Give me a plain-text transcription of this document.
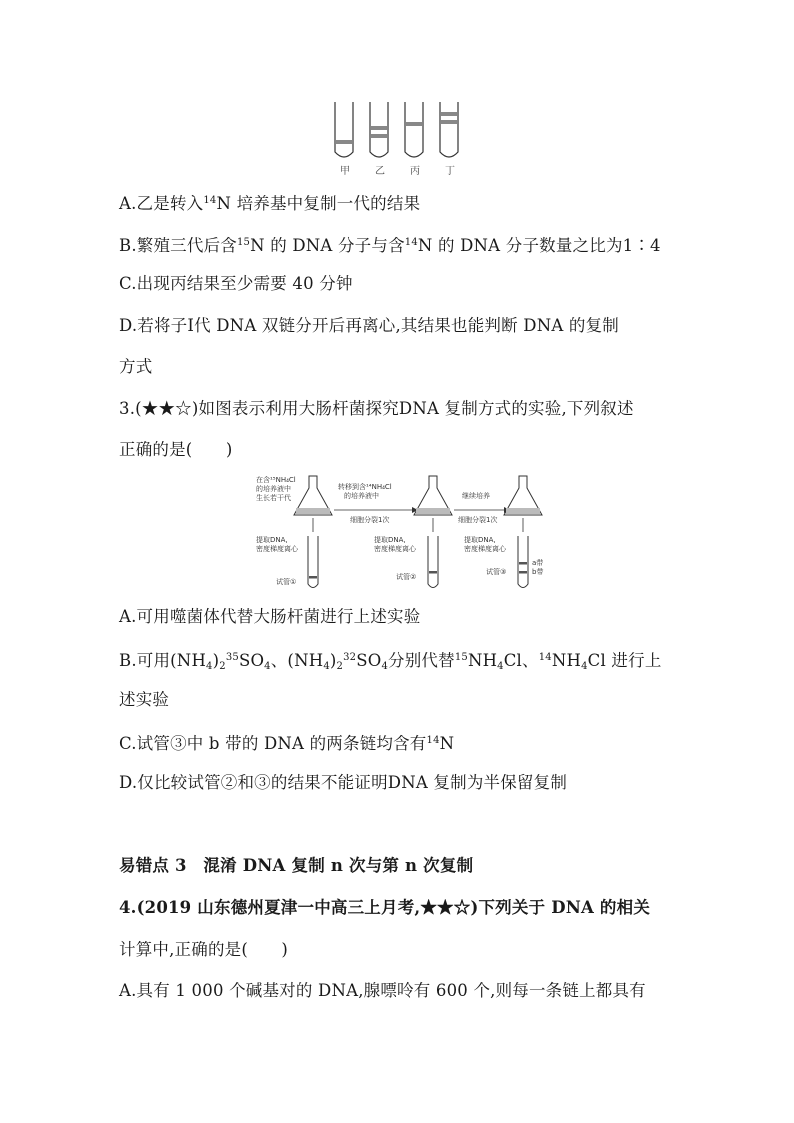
甲	乙	丙	丁
A.乙是转入$^{14}$N 培养基中复制一代的结果
B.繁殖三代后含$^{15}$N 的 DNA 分子与含$^{14}$N 的 DNA 分子数量之比为1∶4
C.出现丙结果至少需要 40 分钟
D.若将子Ⅰ代 DNA 双链分开后再离心,其结果也能判断 DNA 的复制
方式
3.(★★☆)如图表示利用大肠杆菌探究DNA 复制方式的实验,下列叙述
正确的是(　　)
在含¹⁵NH₄Cl
的培养液中
生长若干代
转移到含¹⁴NH₄Cl
的培养液中
细胞分裂1次
继续培养
细胞分裂1次
提取DNA,
密度梯度离心
提取DNA,
密度梯度离心
提取DNA,
密度梯度离心
试管①
试管②
试管③
a带
b带
A.可用噬菌体代替大肠杆菌进行上述实验
B.可用$(NH_4)_2^{35}SO_4$、$(NH_4)_2^{32}SO_4$分别代替$^{15}NH_4Cl$、$^{14}NH_4Cl$ 进行上
述实验
C.试管③中 b 带的 DNA 的两条链均含有$^{14}$N
D.仅比较试管②和③的结果不能证明DNA 复制为半保留复制
易错点 3　混淆 DNA 复制 n 次与第 n 次复制
4.(2019 山东德州夏津一中高三上月考,★★☆)下列关于 DNA 的相关
计算中,正确的是(　　)
A.具有 1 000 个碱基对的 DNA,腺嘌呤有 600 个,则每一条链上都具有
